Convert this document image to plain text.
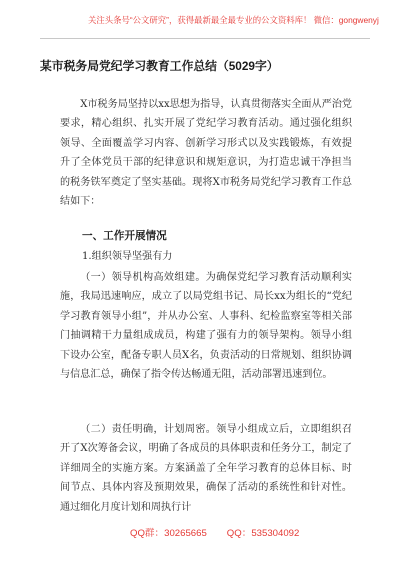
关注头条号“公文研究”，获得最新最全最专业的公文资料库！ 微信：gongwenyj
某市税务局党纪学习教育工作总结（5029字）

X市税务局坚持以xx思想为指导，认真贯彻落实全面从严治党要求，精心组织、扎实开展了党纪学习教育活动。通过强化组织领导、全面覆盖学习内容、创新学习形式以及实践锻炼，有效提升了全体党员干部的纪律意识和规矩意识，为打造忠诚干净担当的税务铁军奠定了坚实基础。现将X市税务局党纪学习教育工作总结如下：

一、工作开展情况
1.组织领导坚强有力

（一）领导机构高效组建。为确保党纪学习教育活动顺利实施，我局迅速响应，成立了以局党组书记、局长xx为组长的“党纪学习教育领导小组”，并从办公室、人事科、纪检监察室等相关部门抽调精干力量组成成员，构建了强有力的领导架构。领导小组下设办公室，配备专职人员X名，负责活动的日常规划、组织协调与信息汇总，确保了指令传达畅通无阻，活动部署迅速到位。

（二）责任明确，计划周密。领导小组成立后，立即组织召开了X次筹备会议，明确了各成员的具体职责和任务分工，制定了详细周全的实施方案。方案涵盖了全年学习教育的总体目标、时间节点、具体内容及预期效果，确保了活动的系统性和针对性。通过细化月度计划和周执行计

QQ群：30265665 QQ：535304092
